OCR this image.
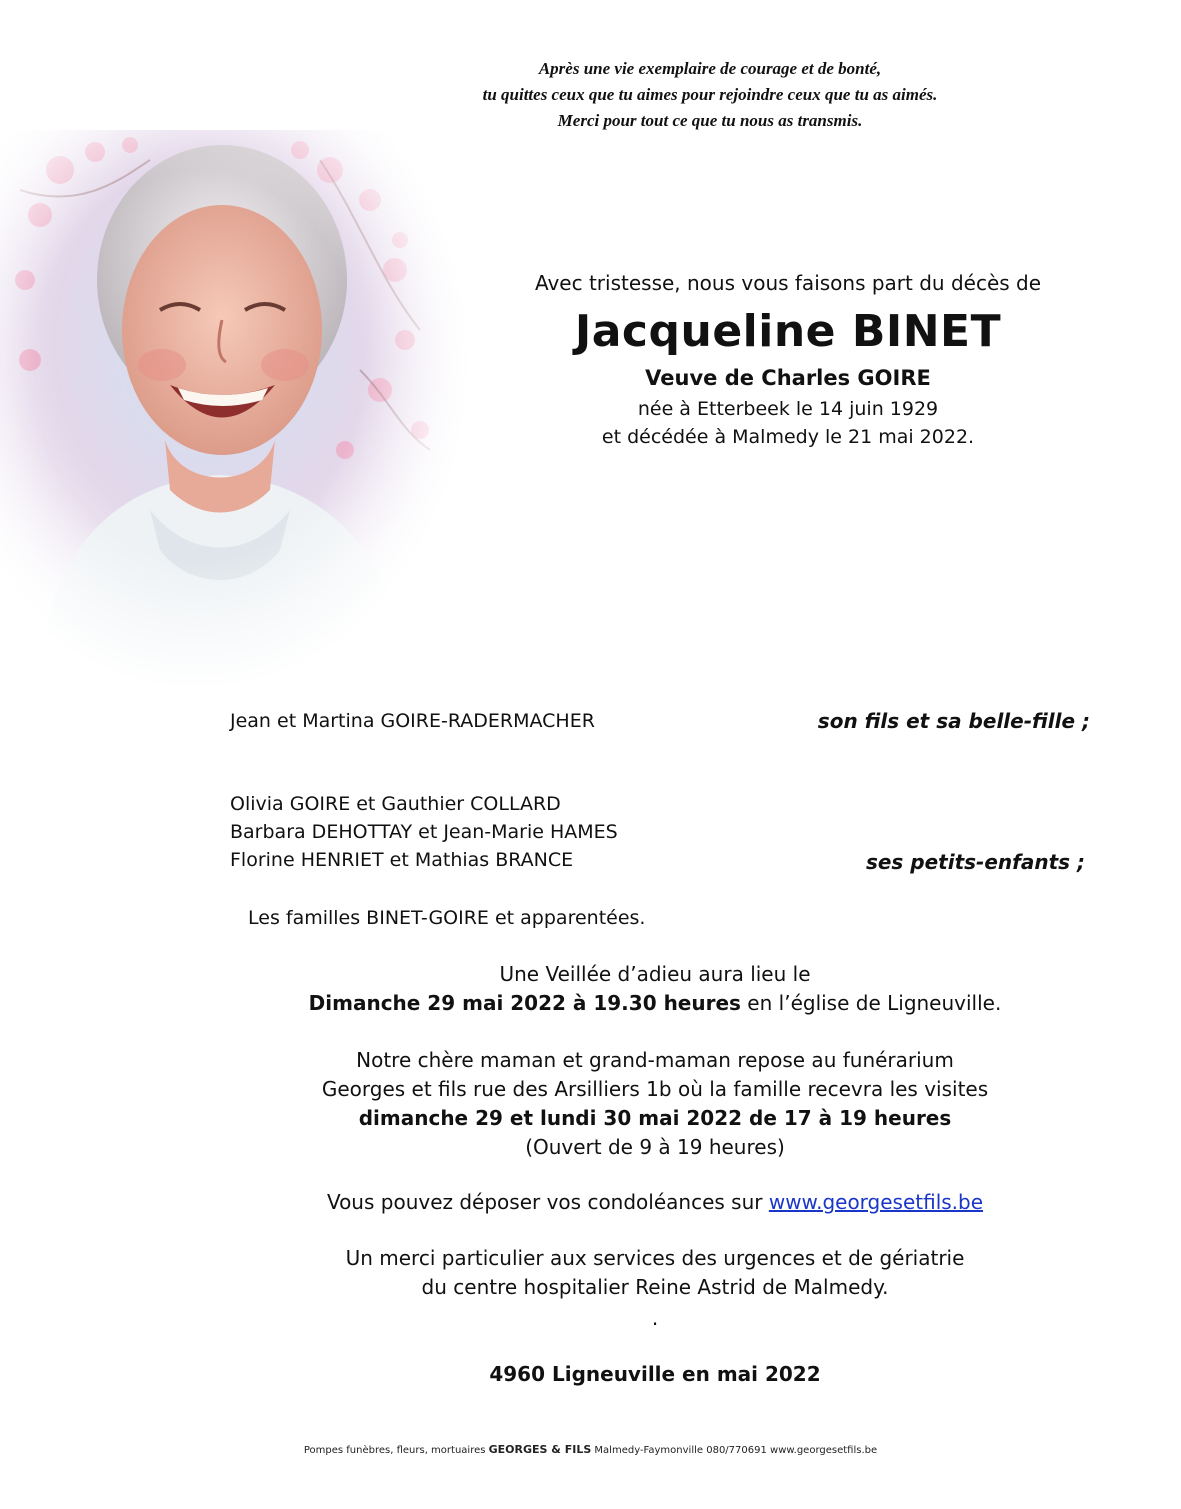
Après une vie exemplaire de courage et de bonté,
tu quittes ceux que tu aimes pour rejoindre ceux que tu as aimés.
Merci pour tout ce que tu nous as transmis.
Avec tristesse, nous vous faisons part du décès de
Jacqueline BINET
Veuve de Charles GOIRE
née à Etterbeek le 14 juin 1929
et décédée à Malmedy le 21 mai 2022.
Jean et Martina GOIRE-RADERMACHER	son fils et sa belle-fille ;
Olivia GOIRE et Gauthier COLLARD
Barbara DEHOTTAY et Jean-Marie HAMES
Florine HENRIET et Mathias BRANCE	ses petits-enfants ;
Les familles BINET-GOIRE et apparentées.
Une Veillée d’adieu aura lieu le
Dimanche 29 mai 2022 à 19.30 heures en l’église de Ligneuville.
Notre chère maman et grand-maman repose au funérarium
Georges et fils rue des Arsilliers 1b où la famille recevra les visites
dimanche 29 et lundi 30 mai 2022 de 17 à 19 heures
(Ouvert de 9 à 19 heures)
Vous pouvez déposer vos condoléances sur www.georgesetfils.be
Un merci particulier aux services des urgences et de gériatrie
du centre hospitalier Reine Astrid de Malmedy.
.
4960 Ligneuville en mai 2022
Pompes funèbres, fleurs, mortuaires GEORGES & FILS Malmedy-Faymonville 080/770691 www.georgesetfils.be
